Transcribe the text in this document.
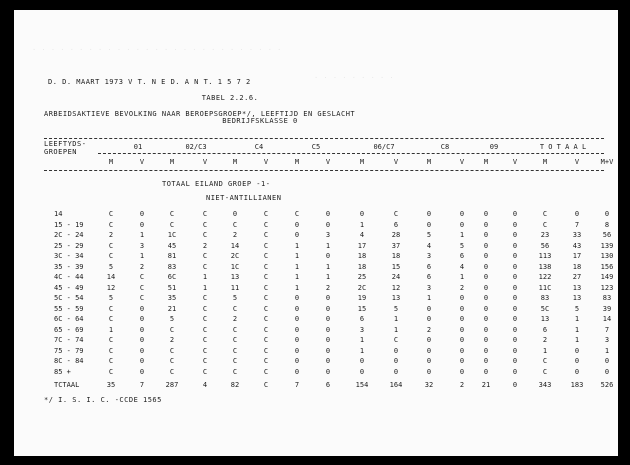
. . . . . . . . . . . . . . . . . . . . . . . . . . .
. . . . . . . . .
D. D. MAART 1973 V T. N E D. A N T. 1 5 7 2
TABEL 2.2.6.
ARBEIDSAKTIEVE BEVOLKING NAAR BEROEPSGROEP*/, LEEFTIJD EN GESLACHT
BEDRIJFSKLASSE 0
LEEFTYDS-
GROEPEN
01	02/C3	C4	C5	06/C7	C8	09	T O T A A L
M	V	M	V	M	V	M	V	M	V	M	V	M	V	M	V	M+V
TOTAAL EILAND GROEP -1-
NIET-ANTILLIANEN
14	C	0	C	C	0	C	C	0	0	C	0	0	0	0	C	0	0
15 - 19	C	0	C	C	C	C	0	0	1	6	0	0	0	0	C	7	8
2C - 24	2	1	1C	C	2	C	0	3	4	28	5	1	0	0	23	33	56
25 - 29	C	3	45	2	14	C	1	1	17	37	4	5	0	0	56	43	139
3C - 34	C	1	81	C	2C	C	1	0	18	18	3	6	0	0	113	17	130
35 - 39	5	2	83	C	1C	C	1	1	18	15	6	4	0	0	138	18	156
4C - 44	14	C	6C	1	13	C	1	1	25	24	6	1	0	0	122	27	149
45 - 49	12	C	51	1	11	C	1	2	2C	12	3	2	0	0	11C	13	123
5C - 54	5	C	35	C	5	C	0	0	19	13	1	0	0	0	83	13	83
55 - 59	C	0	21	C	C	C	0	0	15	5	0	0	0	0	5C	5	39
6C - 64	C	0	5	C	2	C	0	0	6	1	0	0	0	0	13	1	14
65 - 69	1	0	C	C	C	C	0	0	3	1	2	0	0	0	6	1	7
7C - 74	C	0	2	C	C	C	0	0	1	C	0	0	0	0	2	1	3
75 - 79	C	0	C	C	C	C	0	0	1	0	0	0	0	0	1	0	1
8C - 84	C	0	C	C	C	C	0	0	0	0	0	0	0	0	C	0	0
85 +	C	0	C	C	C	C	0	0	0	0	0	0	0	0	C	0	0
TCTAAL	35	7	287	4	82	C	7	6	154	164	32	2	21	0	343	183 526
*/ I. S. I. C. -CCDE 1565
